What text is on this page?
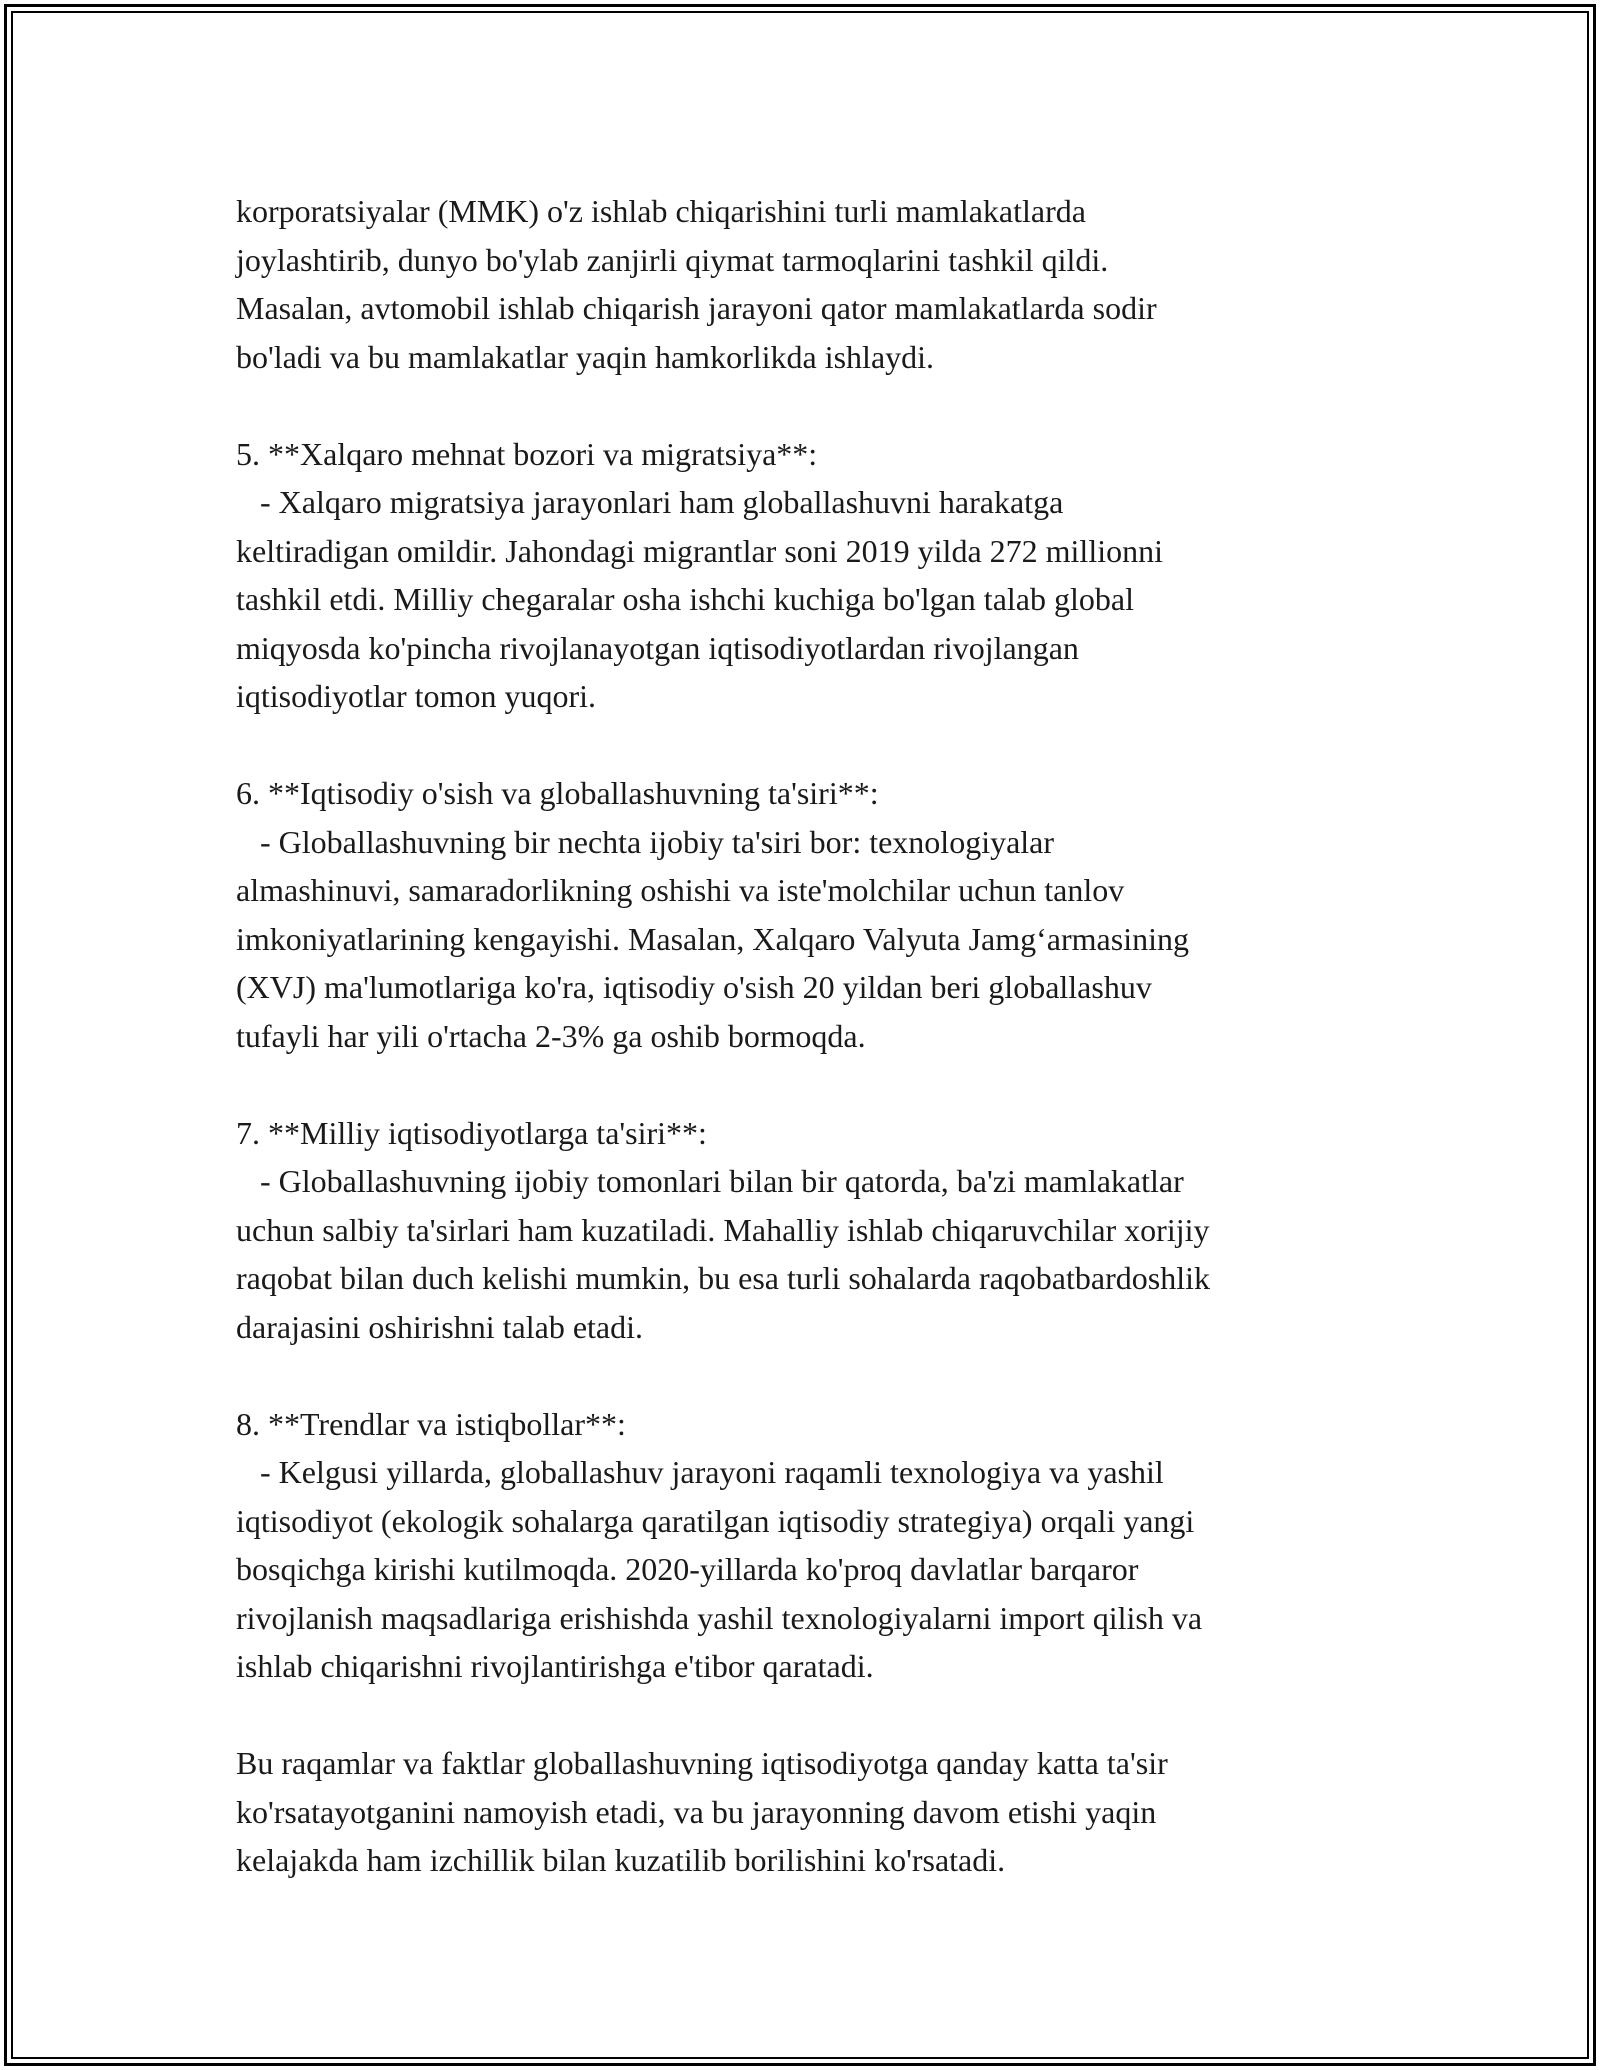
korporatsiyalar (MMK) o'z ishlab chiqarishini turli mamlakatlarda
joylashtirib, dunyo bo'ylab zanjirli qiymat tarmoqlarini tashkil qildi.
Masalan, avtomobil ishlab chiqarish jarayoni qator mamlakatlarda sodir
bo'ladi va bu mamlakatlar yaqin hamkorlikda ishlaydi.

5. **Xalqaro mehnat bozori va migratsiya**:

- Xalqaro migratsiya jarayonlari ham globallashuvni harakatga
keltiradigan omildir. Jahondagi migrantlar soni 2019 yilda 272 millionni
tashkil etdi. Milliy chegaralar osha ishchi kuchiga bo'lgan talab global
miqyosda ko'pincha rivojlanayotgan iqtisodiyotlardan rivojlangan
iqtisodiyotlar tomon yuqori.

6. **Iqtisodiy o'sish va globallashuvning ta'siri**:

- Globallashuvning bir nechta ijobiy ta'siri bor: texnologiyalar
almashinuvi, samaradorlikning oshishi va iste'molchilar uchun tanlov
imkoniyatlarining kengayishi. Masalan, Xalqaro Valyuta Jamg‘armasining
(XVJ) ma'lumotlariga ko'ra, iqtisodiy o'sish 20 yildan beri globallashuv
tufayli har yili o'rtacha 2-3% ga oshib bormoqda.

7. **Milliy iqtisodiyotlarga ta'siri**:

- Globallashuvning ijobiy tomonlari bilan bir qatorda, ba'zi mamlakatlar
uchun salbiy ta'sirlari ham kuzatiladi. Mahalliy ishlab chiqaruvchilar xorijiy
raqobat bilan duch kelishi mumkin, bu esa turli sohalarda raqobatbardoshlik
darajasini oshirishni talab etadi.

8. **Trendlar va istiqbollar**:

- Kelgusi yillarda, globallashuv jarayoni raqamli texnologiya va yashil
iqtisodiyot (ekologik sohalarga qaratilgan iqtisodiy strategiya) orqali yangi
bosqichga kirishi kutilmoqda. 2020-yillarda ko'proq davlatlar barqaror
rivojlanish maqsadlariga erishishda yashil texnologiyalarni import qilish va
ishlab chiqarishni rivojlantirishga e'tibor qaratadi.

Bu raqamlar va faktlar globallashuvning iqtisodiyotga qanday katta ta'sir
ko'rsatayotganini namoyish etadi, va bu jarayonning davom etishi yaqin
kelajakda ham izchillik bilan kuzatilib borilishini ko'rsatadi.
